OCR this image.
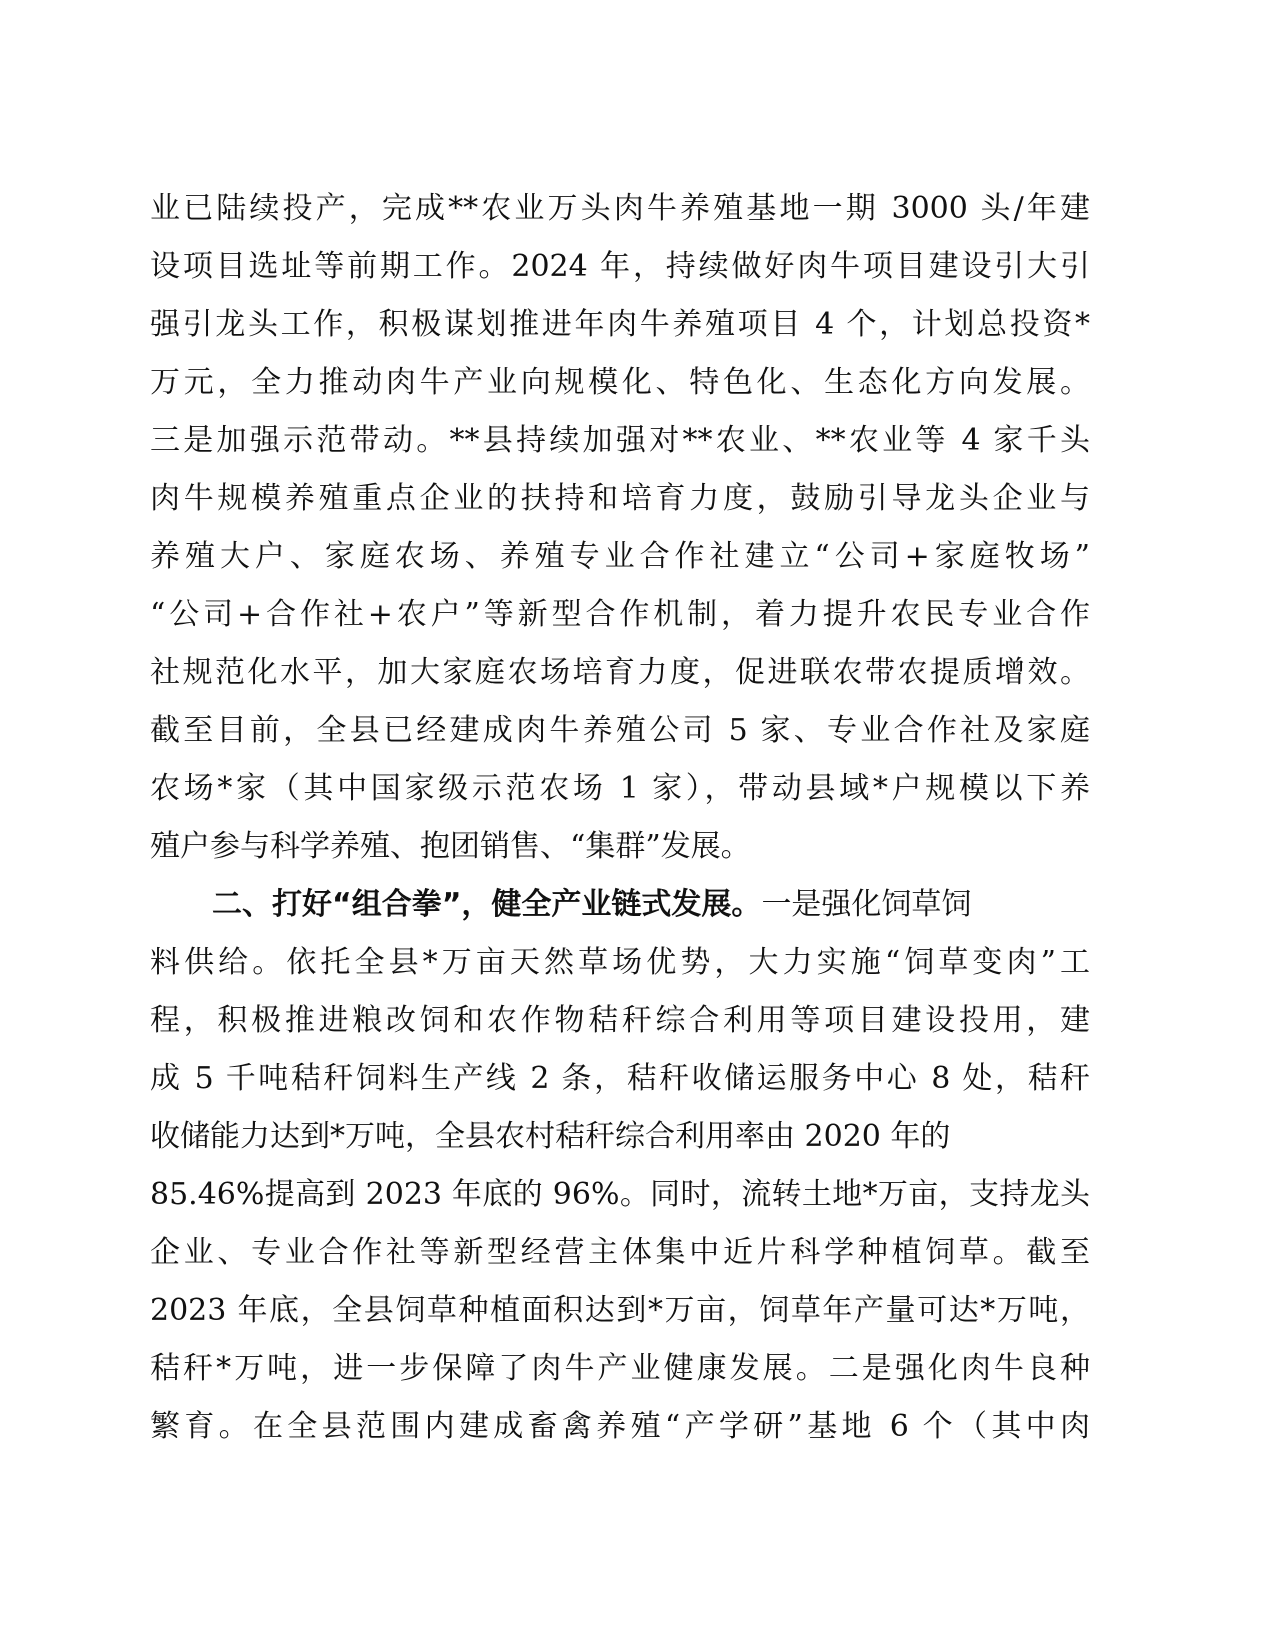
业已陆续投产，完成**农业万头肉牛养殖基地一期 3000 头/年建
设项目选址等前期工作。2024 年，持续做好肉牛项目建设引大引
强引龙头工作，积极谋划推进年肉牛养殖项目 4 个，计划总投资*
万元，全力推动肉牛产业向规模化、特色化、生态化方向发展。
三是加强示范带动。**县持续加强对**农业、**农业等 4 家千头
肉牛规模养殖重点企业的扶持和培育力度，鼓励引导龙头企业与
养殖大户、家庭农场、养殖专业合作社建立“公司+家庭牧场”
“公司+合作社+农户”等新型合作机制，着力提升农民专业合作
社规范化水平，加大家庭农场培育力度，促进联农带农提质增效。
截至目前，全县已经建成肉牛养殖公司 5 家、专业合作社及家庭
农场*家（其中国家级示范农场 1 家），带动县域*户规模以下养
殖户参与科学养殖、抱团销售、“集群”发展。
二、打好“组合拳”，健全产业链式发展。一是强化饲草饲
料供给。依托全县*万亩天然草场优势，大力实施“饲草变肉”工
程，积极推进粮改饲和农作物秸秆综合利用等项目建设投用，建
成 5 千吨秸秆饲料生产线 2 条，秸秆收储运服务中心 8 处，秸秆
收储能力达到*万吨，全县农村秸秆综合利用率由 2020 年的
85.46%提高到 2023 年底的 96%。同时，流转土地*万亩，支持龙头
企业、专业合作社等新型经营主体集中近片科学种植饲草。截至
2023 年底，全县饲草种植面积达到*万亩，饲草年产量可达*万吨，
秸秆*万吨，进一步保障了肉牛产业健康发展。二是强化肉牛良种
繁育。在全县范围内建成畜禽养殖“产学研”基地 6 个（其中肉
